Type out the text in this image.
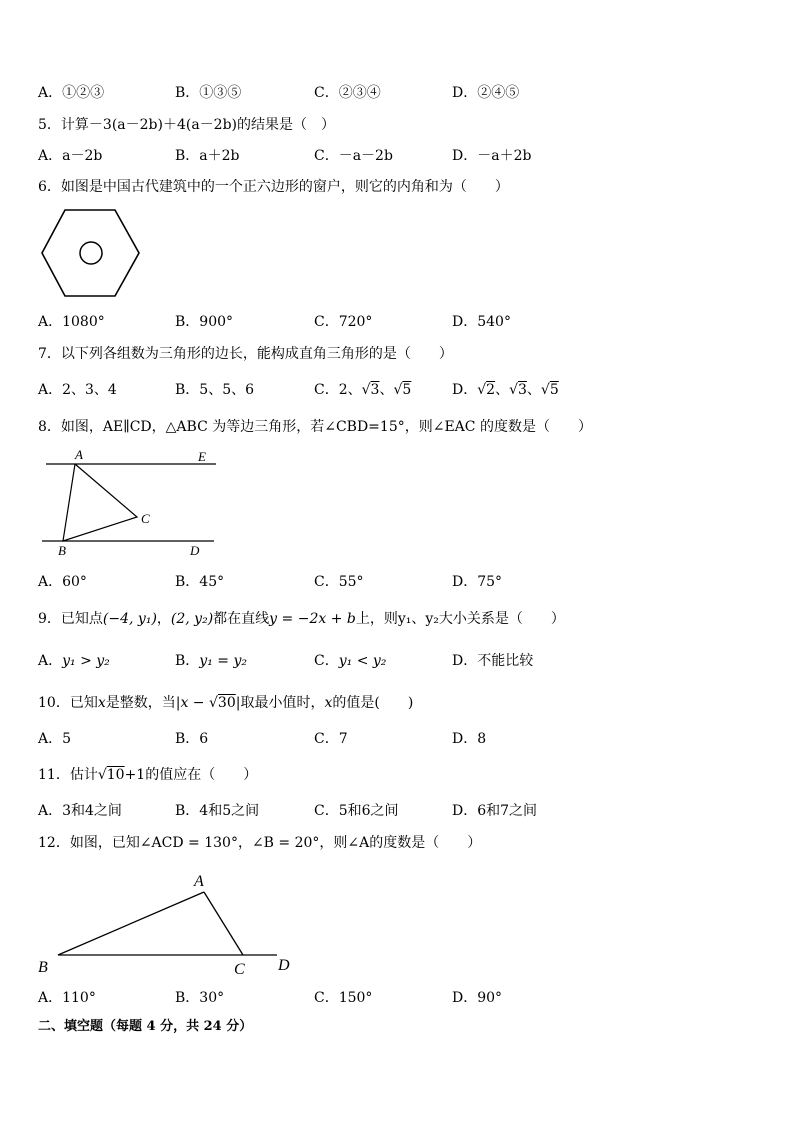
A．①②③	B．①③⑤	C．②③④	D．②④⑤
5．计算－3(a－2b)＋4(a－2b)的结果是（　）
A．a－2b	B．a＋2b	C．－a－2b	D．－a＋2b
6．如图是中国古代建筑中的一个正六边形的窗户，则它的内角和为（　　）
A．1080°	B．900°	C．720°	D．540°
7．以下列各组数为三角形的边长，能构成直角三角形的是（　　）
A．2、3、4	B．5、5、6	C．2、√3、√5	D．√2、√3、√5
8．如图，AE∥CD，△ABC 为等边三角形，若∠CBD=15°，则∠EAC 的度数是（　　）
A	E
C
B	D
A．60°	B．45°	C．55°	D．75°
9．已知点(−4, y₁)，(2, y₂)都在直线y = −2x + b上，则y₁、y₂大小关系是（　　）
A．y₁ > y₂	B．y₁ = y₂	C．y₁ < y₂	D．不能比较
10．已知x是整数，当|x − √30|取最小值时，x的值是(　　)
A．5	B．6	C．7	D．8
11．估计√10+1的值应在（　　）
A．3和4之间	B．4和5之间	C．5和6之间	D．6和7之间
12．如图，已知∠ACD = 130°，∠B = 20°，则∠A的度数是（　　）
A
B	C D
A．110°	B．30°	C．150°	D．90°
二、填空题（每题 4 分，共 24 分）
